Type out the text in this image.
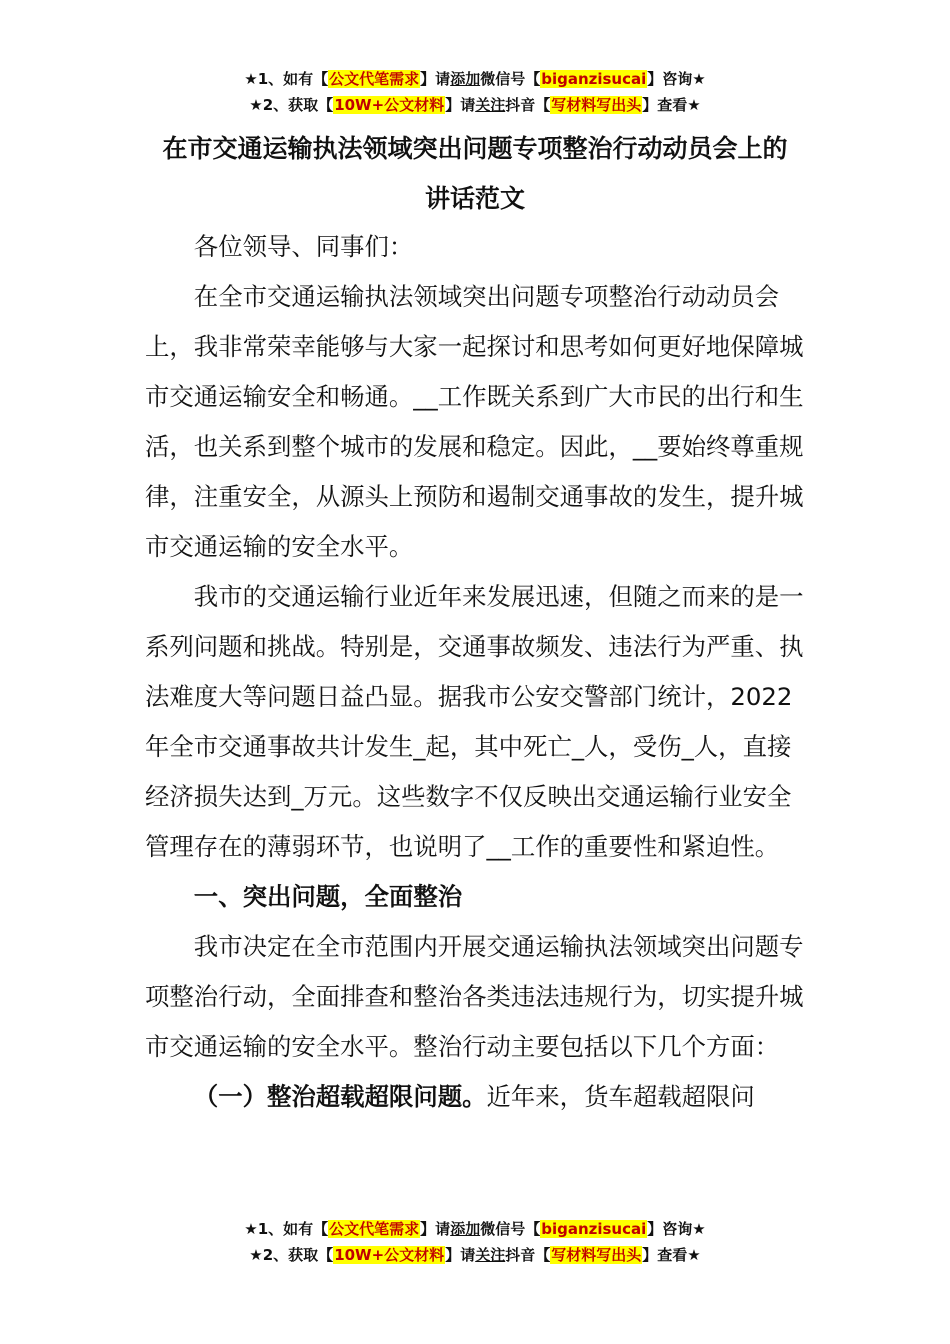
★1、如有【公文代笔需求】请添加微信号【biganzisucai】咨询★
★2、获取【10W+公文材料】请关注抖音【写材料写出头】查看★
在市交通运输执法领域突出问题专项整治行动动员会上的
讲话范文

各位领导、同事们：

在全市交通运输执法领域突出问题专项整治行动动员会上，我非常荣幸能够与大家一起探讨和思考如何更好地保障城市交通运输安全和畅通。__工作既关系到广大市民的出行和生活，也关系到整个城市的发展和稳定。因此，__要始终尊重规律，注重安全，从源头上预防和遏制交通事故的发生，提升城市交通运输的安全水平。

我市的交通运输行业近年来发展迅速，但随之而来的是一系列问题和挑战。特别是，交通事故频发、违法行为严重、执法难度大等问题日益凸显。据我市公安交警部门统计，2022年全市交通事故共计发生_起，其中死亡_人，受伤_人，直接经济损失达到_万元。这些数字不仅反映出交通运输行业安全管理存在的薄弱环节，也说明了__工作的重要性和紧迫性。

一、突出问题，全面整治

我市决定在全市范围内开展交通运输执法领域突出问题专项整治行动，全面排查和整治各类违法违规行为，切实提升城市交通运输的安全水平。整治行动主要包括以下几个方面：

（一）整治超载超限问题。近年来，货车超载超限问

★1、如有【公文代笔需求】请添加微信号【biganzisucai】咨询★
★2、获取【10W+公文材料】请关注抖音【写材料写出头】查看★
